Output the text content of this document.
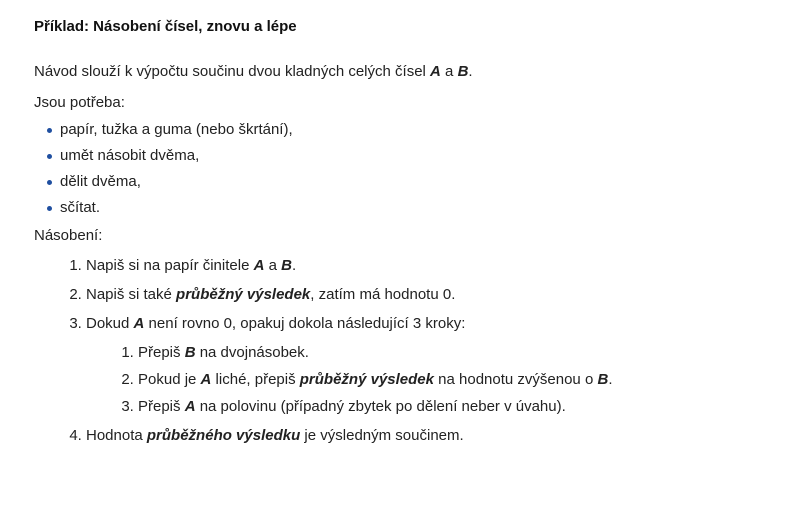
Příklad: Násobení čísel, znovu a lépe

Návod slouží k výpočtu součinu dvou kladných celých čísel A a B.

Jsou potřeba:

papír, tužka a guma (nebo škrtání),
umět násobit dvěma,
dělit dvěma,
sčítat.

Násobení:

1. Napiš si na papír činitele A a B.
2. Napiš si také průběžný výsledek, zatím má hodnotu 0.
3. Dokud A není rovno 0, opakuj dokola následující 3 kroky:
1. Přepiš B na dvojnásobek.
2. Pokud je A liché, přepiš průběžný výsledek na hodnotu zvýšenou o B.
3. Přepiš A na polovinu (případný zbytek po dělení neber v úvahu).
4. Hodnota průběžného výsledku je výsledným součinem.
